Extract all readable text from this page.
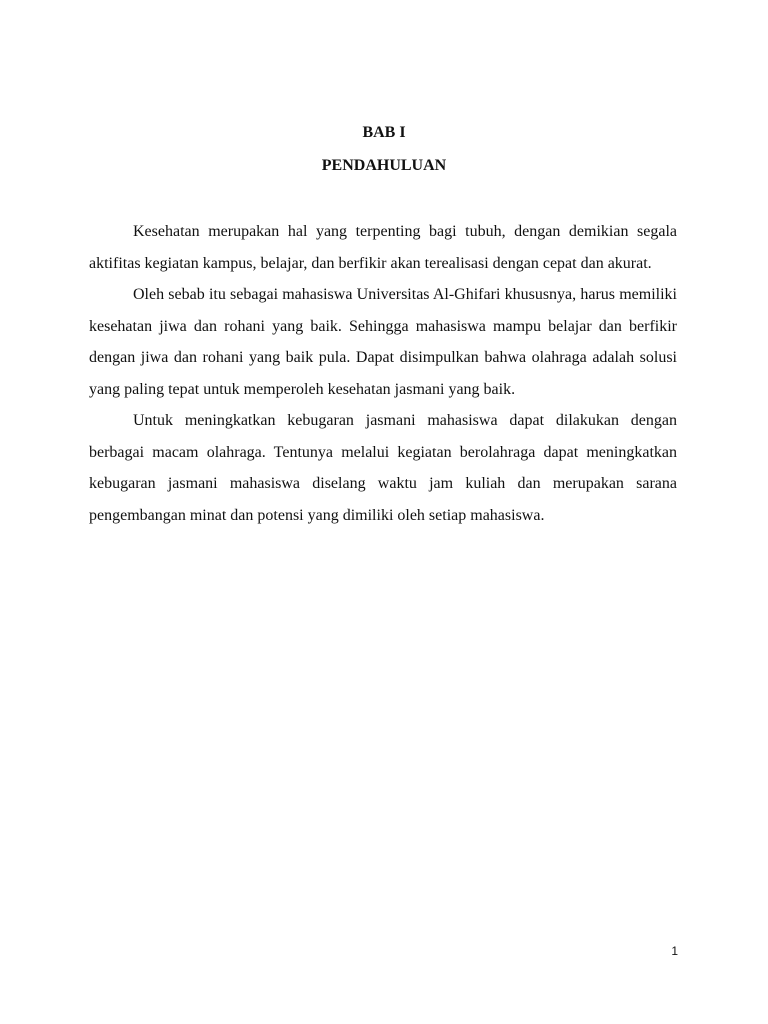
BAB I
PENDAHULUAN

Kesehatan merupakan hal yang terpenting bagi tubuh, dengan demikian segala aktifitas kegiatan kampus, belajar, dan berfikir akan terealisasi dengan cepat dan akurat.

Oleh sebab itu sebagai mahasiswa Universitas Al-Ghifari khususnya, harus memiliki kesehatan jiwa dan rohani yang baik. Sehingga mahasiswa mampu belajar dan berfikir dengan jiwa dan rohani yang baik pula. Dapat disimpulkan bahwa olahraga adalah solusi yang paling tepat untuk memperoleh kesehatan jasmani yang baik.

Untuk meningkatkan kebugaran jasmani mahasiswa dapat dilakukan dengan berbagai macam olahraga. Tentunya melalui kegiatan berolahraga dapat meningkatkan kebugaran jasmani mahasiswa diselang waktu jam kuliah dan merupakan sarana pengembangan minat dan potensi yang dimiliki oleh setiap mahasiswa.

1
